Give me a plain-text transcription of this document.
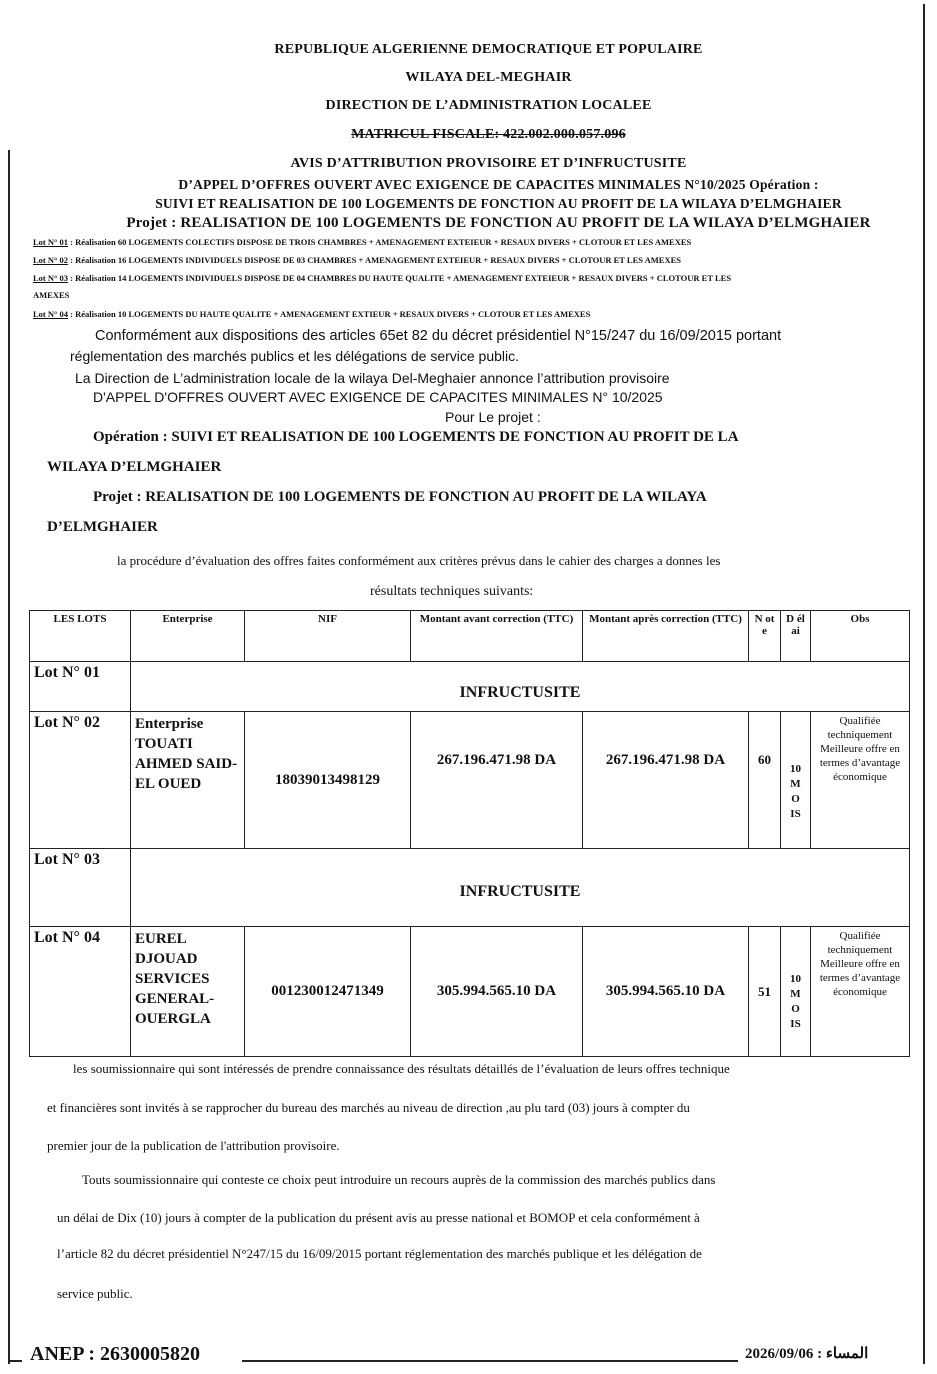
REPUBLIQUE ALGERIENNE DEMOCRATIQUE ET POPULAIRE
WILAYA DEL-MEGHAIR
DIRECTION DE L’ADMINISTRATION LOCALEE
MATRICUL FISCALE: 422.002.000.057.096
AVIS D’ATTRIBUTION PROVISOIRE ET D’INFRUCTUSITE
D’APPEL D’OFFRES OUVERT AVEC EXIGENCE DE CAPACITES MINIMALES N°10/2025 Opération :
SUIVI ET REALISATION DE 100 LOGEMENTS DE FONCTION AU PROFIT DE LA WILAYA D’ELMGHAIER
Projet : REALISATION DE 100 LOGEMENTS DE FONCTION AU PROFIT DE LA WILAYA D’ELMGHAIER
Lot N° 01 : Réalisation 60 LOGEMENTS COLECTIFS DISPOSE DE TROIS CHAMBRES + AMENAGEMENT EXTEIEUR + RESAUX DIVERS + CLOTOUR ET LES AMEXES
Lot N° 02 : Réalisation 16 LOGEMENTS INDIVIDUELS DISPOSE DE 03 CHAMBRES + AMENAGEMENT EXTEIEUR + RESAUX DIVERS + CLOTOUR ET LES AMEXES
Lot N° 03 : Réalisation 14 LOGEMENTS INDIVIDUELS DISPOSE DE 04 CHAMBRES DU HAUTE QUALITE + AMENAGEMENT EXTEIEUR + RESAUX DIVERS + CLOTOUR ET LES
AMEXES
Lot N° 04 : Réalisation 10 LOGEMENTS DU HAUTE QUALITE + AMENAGEMENT EXTIEUR + RESAUX DIVERS + CLOTOUR ET LES AMEXES
Conformément aux dispositions des articles 65et 82 du décret présidentiel N°15/247 du 16/09/2015 portant
réglementation des marchés publics et les délégations de service public.
La Direction de L’administration locale de la wilaya Del-Meghaier annonce l’attribution provisoire
D'APPEL D'OFFRES OUVERT AVEC EXIGENCE DE CAPACITES MINIMALES N° 10/2025
Pour Le projet :
Opération : SUIVI ET REALISATION DE 100 LOGEMENTS DE FONCTION AU PROFIT DE LA
WILAYA D’ELMGHAIER
Projet : REALISATION DE 100 LOGEMENTS DE FONCTION AU PROFIT DE LA WILAYA
D’ELMGHAIER
la procédure d’évaluation des offres faites conformément aux critères prévus dans le cahier des charges a donnes les
résultats techniques suivants:
LES LOTS	Enterprise	NIF	Montant avant correction (TTC)	Montant après correction (TTC)	N ot e	D él ai	Obs
Lot N° 01	INFRUCTUSITE						
Lot N° 02	Enterprise TOUATI AHMED SAID- EL OUED	18039013498129	267.196.471.98 DA	267.196.471.98 DA	60	10 M O IS	Qualifiée techniquement Meilleure offre en termes d’avantage économique
Lot N° 03	INFRUCTUSITE						
Lot N° 04	EUREL DJOUAD SERVICES GENERAL- OUERGLA	001230012471349	305.994.565.10 DA	305.994.565.10 DA	51	10 M O IS	Qualifiée techniquement Meilleure offre en termes d’avantage économique
les soumissionnaire qui sont intéressés de prendre connaissance des résultats détaillés de l’évaluation de leurs offres technique
et financières sont invités à se rapprocher du bureau des marchés au niveau de direction ,au plu tard (03) jours à compter du
premier jour de la publication de l'attribution provisoire.
Touts soumissionnaire qui conteste ce choix peut introduire un recours auprès de la commission des marchés publics dans
un délai de Dix (10) jours à compter de la publication du présent avis au presse national et BOMOP et cela conformément à
l’article 82 du décret présidentiel N°247/15 du 16/09/2015 portant réglementation des marchés publique et les délégation de
service public.
ANEP : 2630005820	2026/09/06 : المساء
